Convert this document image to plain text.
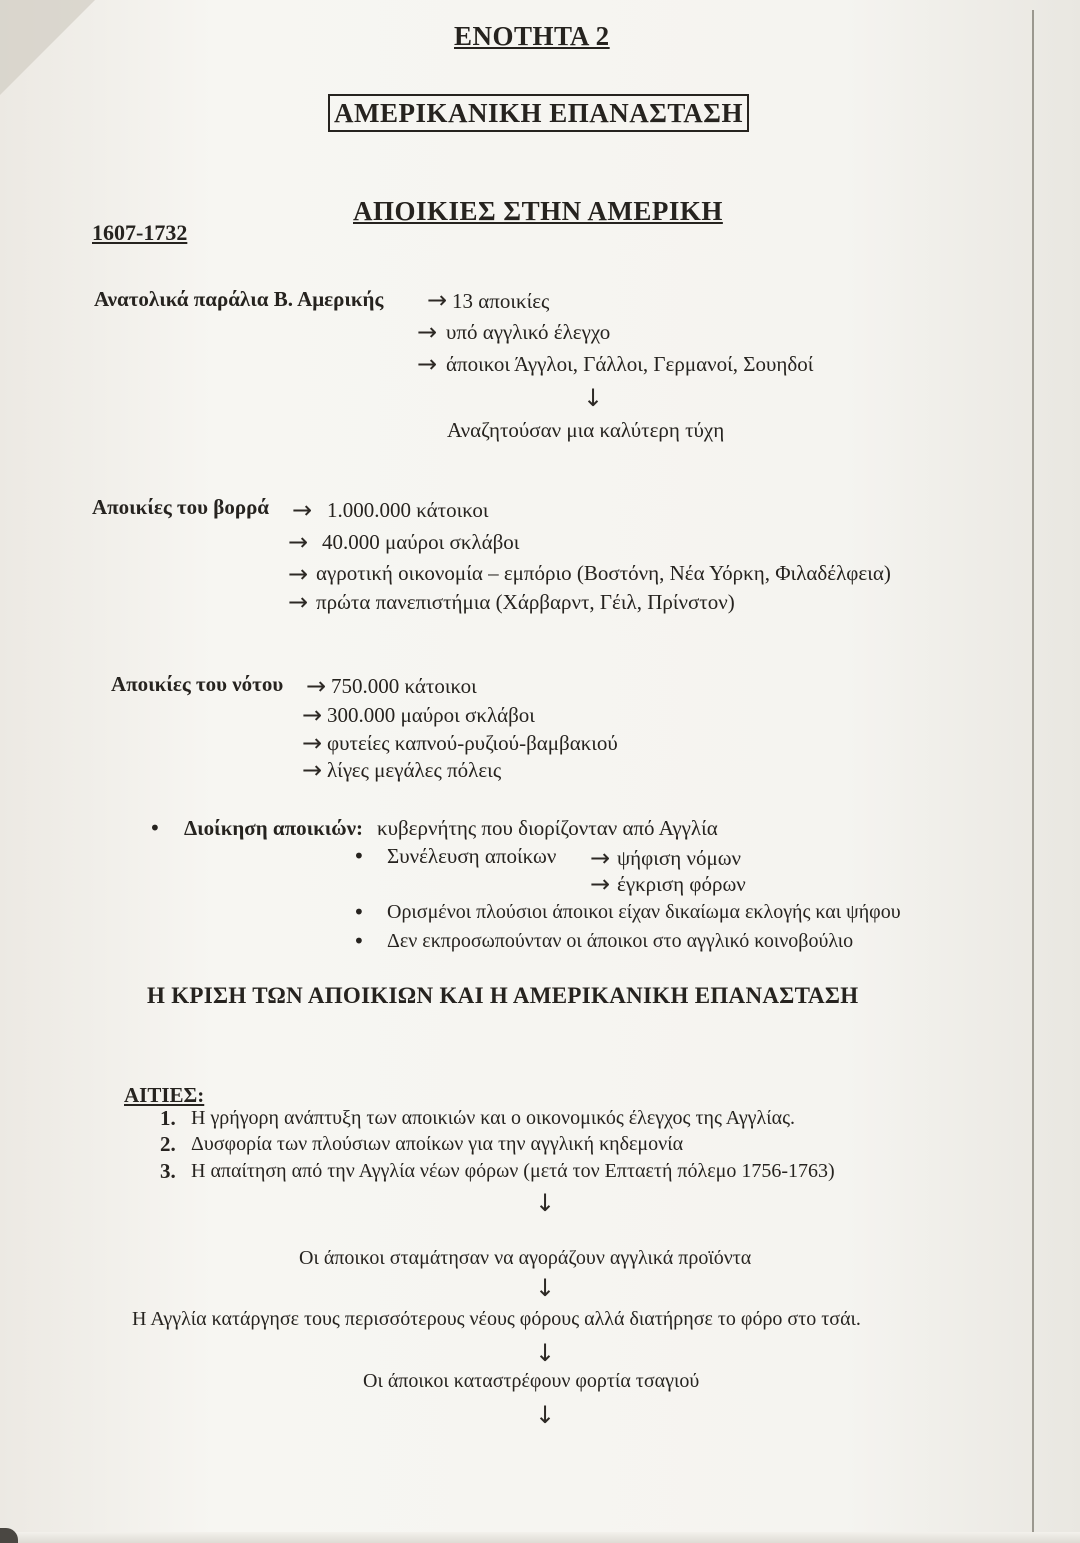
ΕΝΟΤΗΤΑ 2
ΑΜΕΡΙΚΑΝΙΚΗ ΕΠΑΝΑΣΤΑΣΗ
ΑΠΟΙΚΙΕΣ ΣΤΗΝ ΑΜΕΡΙΚΗ
1607-1732
Ανατολικά παράλια Β. Αμερικής → 13 αποικίες
→ υπό αγγλικό έλεγχο
→ άποικοι Άγγλοι, Γάλλοι, Γερμανοί, Σουηδοί
↓
Αναζητούσαν μια καλύτερη τύχη
Αποικίες του βορρά → 1.000.000 κάτοικοι
→ 40.000 μαύροι σκλάβοι
→ αγροτική οικονομία – εμπόριο (Βοστόνη, Νέα Υόρκη, Φιλαδέλφεια)
→ πρώτα πανεπιστήμια (Χάρβαρντ, Γέιλ, Πρίνστον)
Αποικίες του νότου → 750.000 κάτοικοι
→ 300.000 μαύροι σκλάβοι
→ φυτείες καπνού-ρυζιού-βαμβακιού
→ λίγες μεγάλες πόλεις
• Διοίκηση αποικιών: κυβερνήτης που διορίζονταν από Αγγλία
• Συνέλευση αποίκων → ψήφιση νόμων
→ έγκριση φόρων
• Ορισμένοι πλούσιοι άποικοι είχαν δικαίωμα εκλογής και ψήφου
• Δεν εκπροσωπούνταν οι άποικοι στο αγγλικό κοινοβούλιο
Η ΚΡΙΣΗ ΤΩΝ ΑΠΟΙΚΙΩΝ ΚΑΙ Η ΑΜΕΡΙΚΑΝΙΚΗ ΕΠΑΝΑΣΤΑΣΗ
ΑΙΤΙΕΣ:
1. Η γρήγορη ανάπτυξη των αποικιών και ο οικονομικός έλεγχος της Αγγλίας.
2. Δυσφορία των πλούσιων αποίκων για την αγγλική κηδεμονία
3. Η απαίτηση από την Αγγλία νέων φόρων (μετά τον Επταετή πόλεμο 1756-1763)
↓
Οι άποικοι σταμάτησαν να αγοράζουν αγγλικά προϊόντα
↓
Η Αγγλία κατάργησε τους περισσότερους νέους φόρους αλλά διατήρησε το φόρο στο τσάι.
↓
Οι άποικοι καταστρέφουν φορτία τσαγιού
↓
